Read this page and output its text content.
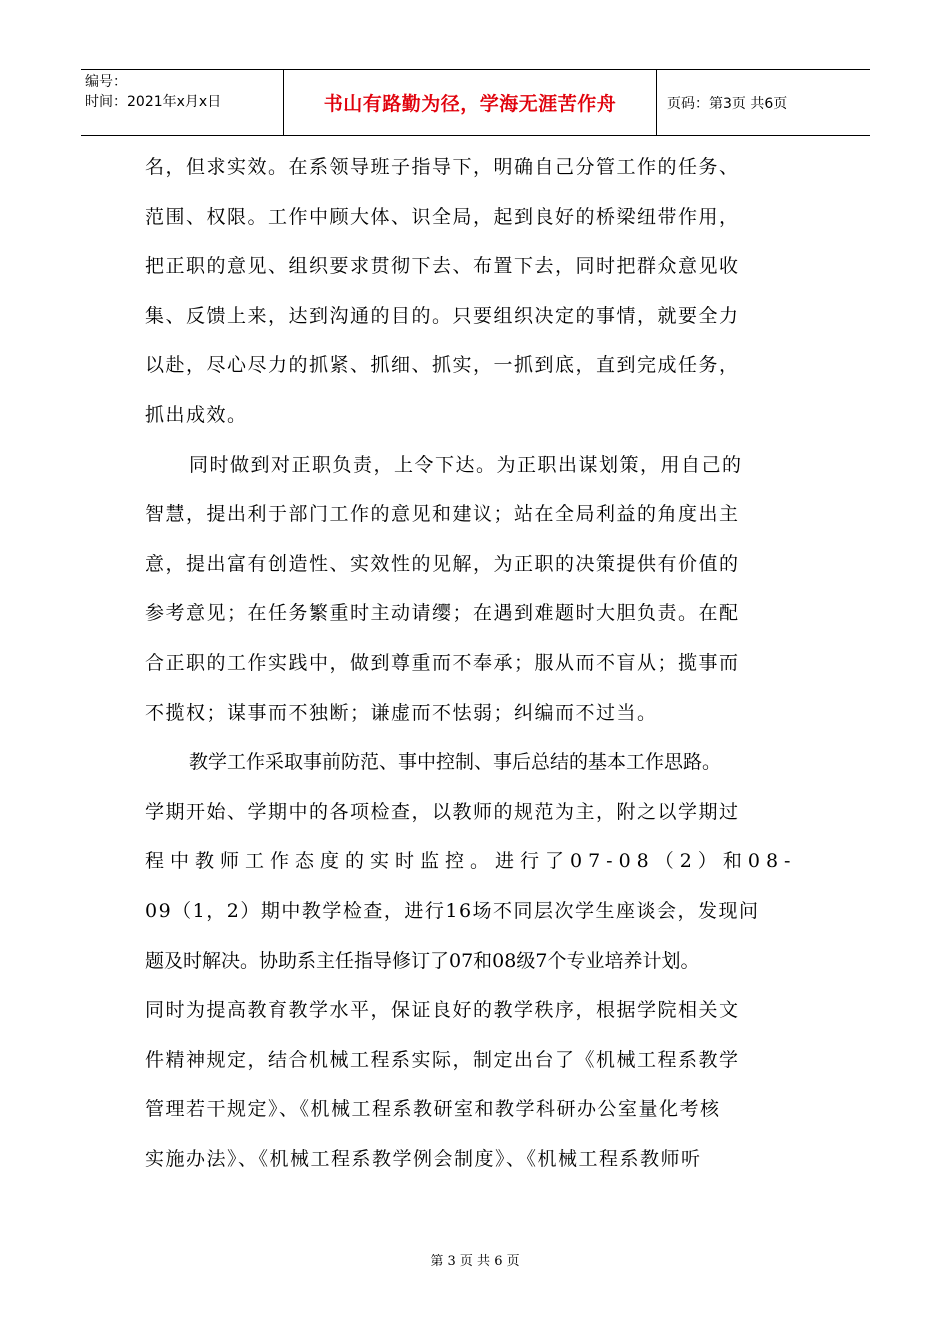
编号：
时间：2021年x月x日	书山有路勤为径，学海无涯苦作舟	页码：第3页 共6页
名，但求实效。在系领导班子指导下，明确自己分管工作的任务、
范围、权限。工作中顾大体、识全局，起到良好的桥梁纽带作用，
把正职的意见、组织要求贯彻下去、布置下去，同时把群众意见收
集、反馈上来，达到沟通的目的。只要组织决定的事情，就要全力
以赴，尽心尽力的抓紧、抓细、抓实，一抓到底，直到完成任务，
抓出成效。
同时做到对正职负责，上令下达。为正职出谋划策，用自己的
智慧，提出利于部门工作的意见和建议；站在全局利益的角度出主
意，提出富有创造性、实效性的见解，为正职的决策提供有价值的
参考意见；在任务繁重时主动请缨；在遇到难题时大胆负责。在配
合正职的工作实践中，做到尊重而不奉承；服从而不盲从；揽事而
不揽权；谋事而不独断；谦虚而不怯弱；纠编而不过当。
教学工作采取事前防范、事中控制、事后总结的基本工作思路。
学期开始、学期中的各项检查，以教师的规范为主，附之以学期过
程中教师工作态度的实时监控。进行了07-08（2）和08-
09（1，2）期中教学检查，进行16场不同层次学生座谈会，发现问
题及时解决。协助系主任指导修订了07和08级7个专业培养计划。
同时为提高教育教学水平，保证良好的教学秩序，根据学院相关文
件精神规定，结合机械工程系实际，制定出台了《机械工程系教学
管理若干规定》、《机械工程系教研室和教学科研办公室量化考核
实施办法》、《机械工程系教学例会制度》、《机械工程系教师听
第 3 页 共 6 页
